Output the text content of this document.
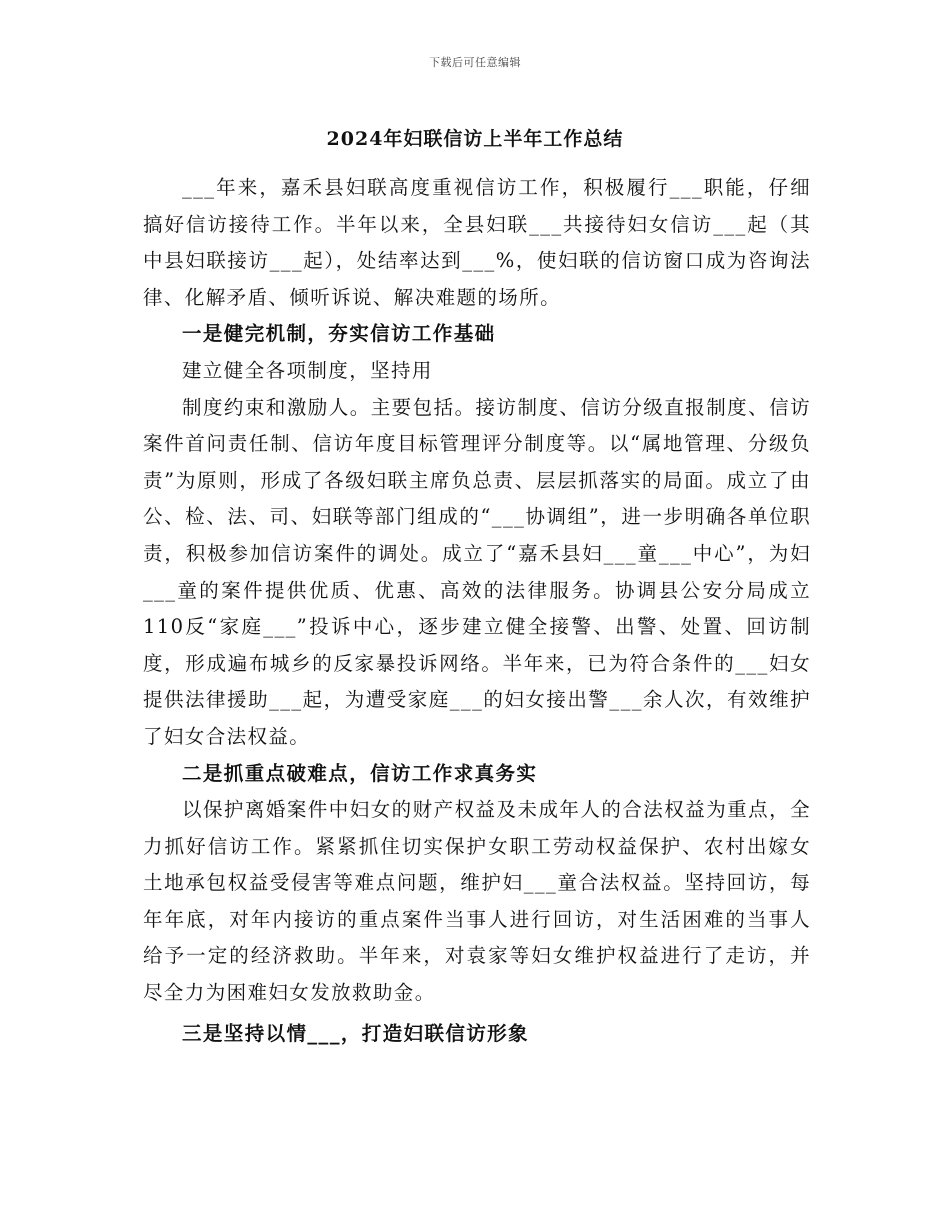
下载后可任意编辑
2024年妇联信访上半年工作总结

___年来，嘉禾县妇联高度重视信访工作，积极履行___职能，仔细搞好信访接待工作。半年以来，全县妇联___共接待妇女信访___起（其中县妇联接访___起），处结率达到___%，使妇联的信访窗口成为咨询法律、化解矛盾、倾听诉说、解决难题的场所。

一是健完机制，夯实信访工作基础

建立健全各项制度，坚持用

制度约束和激励人。主要包括。接访制度、信访分级直报制度、信访案件首问责任制、信访年度目标管理评分制度等。以“属地管理、分级负责”为原则，形成了各级妇联主席负总责、层层抓落实的局面。成立了由公、检、法、司、妇联等部门组成的“___协调组”，进一步明确各单位职责，积极参加信访案件的调处。成立了“嘉禾县妇___童___中心”，为妇___童的案件提供优质、优惠、高效的法律服务。协调县公安分局成立110反“家庭___”投诉中心，逐步建立健全接警、出警、处置、回访制度，形成遍布城乡的反家暴投诉网络。半年来，已为符合条件的___妇女提供法律援助___起，为遭受家庭___的妇女接出警___余人次，有效维护了妇女合法权益。

二是抓重点破难点，信访工作求真务实

以保护离婚案件中妇女的财产权益及未成年人的合法权益为重点，全力抓好信访工作。紧紧抓住切实保护女职工劳动权益保护、农村出嫁女土地承包权益受侵害等难点问题，维护妇___童合法权益。坚持回访，每年年底，对年内接访的重点案件当事人进行回访，对生活困难的当事人给予一定的经济救助。半年来，对袁家等妇女维护权益进行了走访，并尽全力为困难妇女发放救助金。

三是坚持以情___，打造妇联信访形象
